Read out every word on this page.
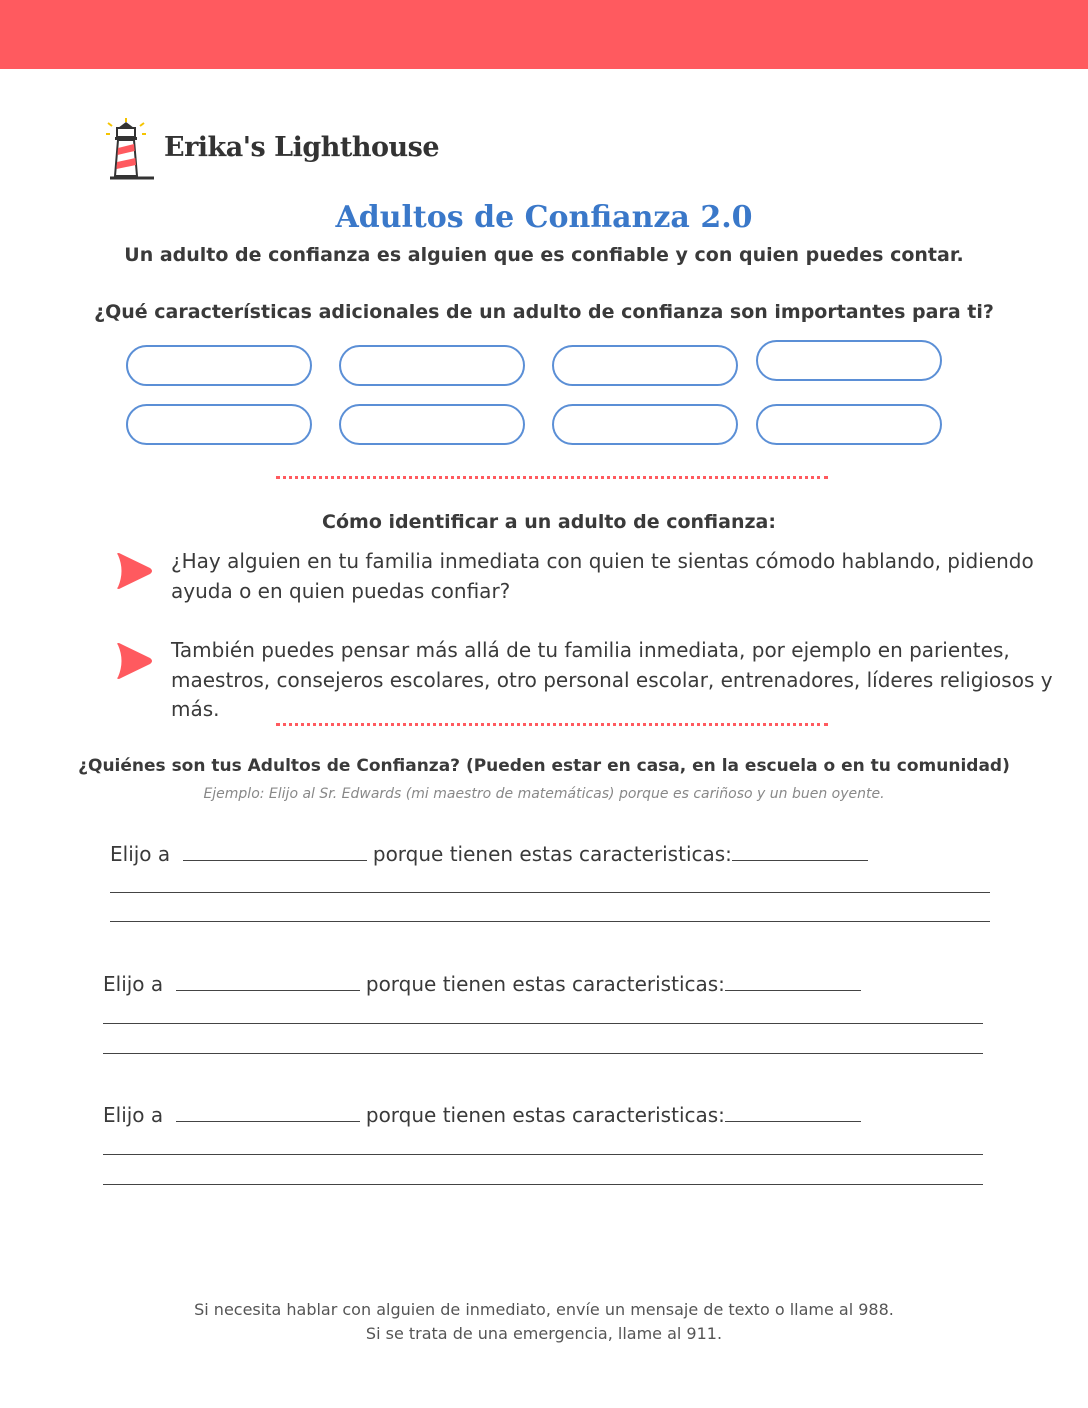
Erika's Lighthouse
Adultos de Confianza 2.0
Un adulto de confianza es alguien que es confiable y con quien puedes contar.
¿Qué características adicionales de un adulto de confianza son importantes para ti?
Cómo identificar a un adulto de confianza:
¿Hay alguien en tu familia inmediata con quien te sientas cómodo hablando, pidiendo ayuda o en quien puedas confiar?
También puedes pensar más allá de tu familia inmediata, por ejemplo en parientes, maestros, consejeros escolares, otro personal escolar, entrenadores, líderes religiosos y más.
¿Quiénes son tus Adultos de Confianza? (Pueden estar en casa, en la escuela o en tu comunidad)
Ejemplo: Elijo al Sr. Edwards (mi maestro de matemáticas) porque es cariñoso y un buen oyente.
Elijo a	porque tienen estas caracteristicas:
Elijo a	porque tienen estas caracteristicas:
Elijo a	porque tienen estas caracteristicas:
Si necesita hablar con alguien de inmediato, envíe un mensaje de texto o llame al 988.
Si se trata de una emergencia, llame al 911.
